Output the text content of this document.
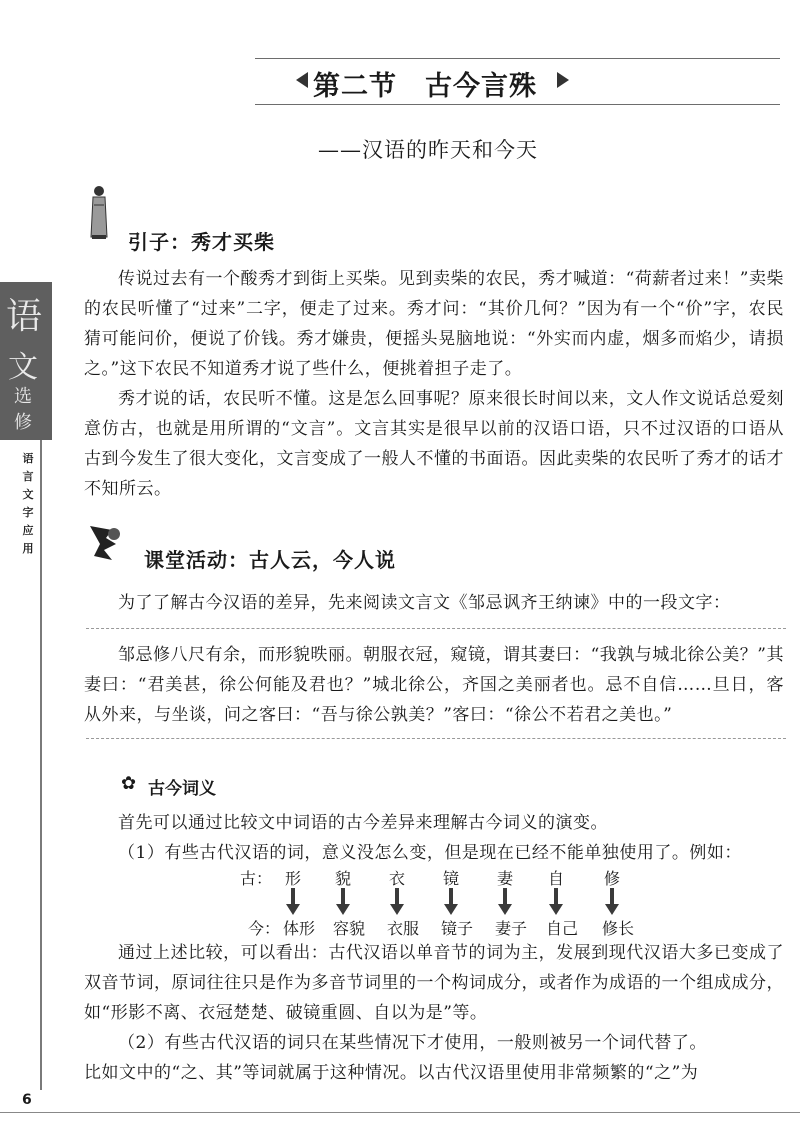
第二节　古今言殊
——汉语的昨天和今天
语
文
选
修
语言文字应用
6
引子：秀才买柴
传说过去有一个酸秀才到街上买柴。见到卖柴的农民，秀才喊道：“荷薪者过来！”卖柴的农民听懂了“过来”二字，便走了过来。秀才问：“其价几何？”因为有一个“价”字，农民猜可能问价，便说了价钱。秀才嫌贵，便摇头晃脑地说：“外实而内虚，烟多而焰少，请损之。”这下农民不知道秀才说了些什么，便挑着担子走了。
秀才说的话，农民听不懂。这是怎么回事呢？原来很长时间以来，文人作文说话总爱刻意仿古，也就是用所谓的“文言”。文言其实是很早以前的汉语口语，只不过汉语的口语从古到今发生了很大变化，文言变成了一般人不懂的书面语。因此卖柴的农民听了秀才的话才不知所云。
课堂活动：古人云，今人说
为了了解古今汉语的差异，先来阅读文言文《邹忌讽齐王纳谏》中的一段文字：
邹忌修八尺有余，而形貌昳丽。朝服衣冠，窥镜，谓其妻曰：“我孰与城北徐公美？”其妻曰：“君美甚，徐公何能及君也？”城北徐公，齐国之美丽者也。忌不自信……旦日，客从外来，与坐谈，问之客曰：“吾与徐公孰美？”客曰：“徐公不若君之美也。”
✿ 古今词义
首先可以通过比较文中词语的古今差异来理解古今词义的演变。
（1）有些古代汉语的词，意义没怎么变，但是现在已经不能单独使用了。例如：
古： 形	貌	衣	镜	妻	自	修
今： 体形	容貌	衣服	镜子	妻子	自己	修长
通过上述比较，可以看出：古代汉语以单音节的词为主，发展到现代汉语大多已变成了双音节词，原词往往只是作为多音节词里的一个构词成分，或者作为成语的一个组成成分，如“形影不离、衣冠楚楚、破镜重圆、自以为是”等。
（2）有些古代汉语的词只在某些情况下才使用，一般则被另一个词代替了。
比如文中的“之、其”等词就属于这种情况。以古代汉语里使用非常频繁的“之”为
